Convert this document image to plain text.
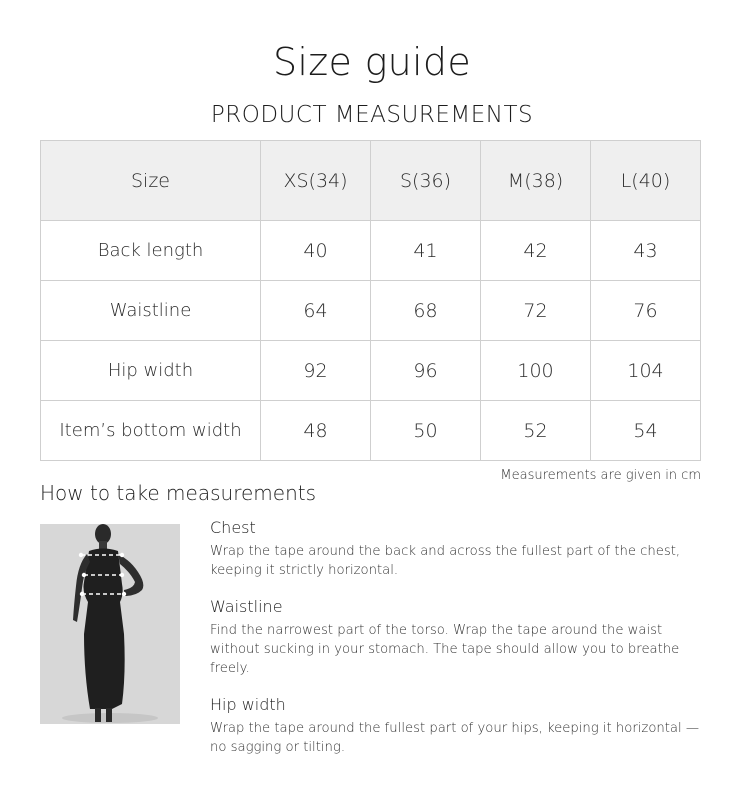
Size guide
PRODUCT MEASUREMENTS
Size	XS(34)	S(36)	M(38)	L(40)
Back length	40	41	42	43
Waistline	64	68	72	76
Hip width	92	96	100	104
Item’s bottom width	48	50	52	54
Measurements are given in cm
How to take measurements
Chest

Wrap the tape around the back and across the fullest part of the chest, keeping it strictly horizontal.

Waistline

Find the narrowest part of the torso. Wrap the tape around the waist without sucking in your stomach. The tape should allow you to breathe freely.

Hip width

Wrap the tape around the fullest part of your hips, keeping it horizontal — no sagging or tilting.
